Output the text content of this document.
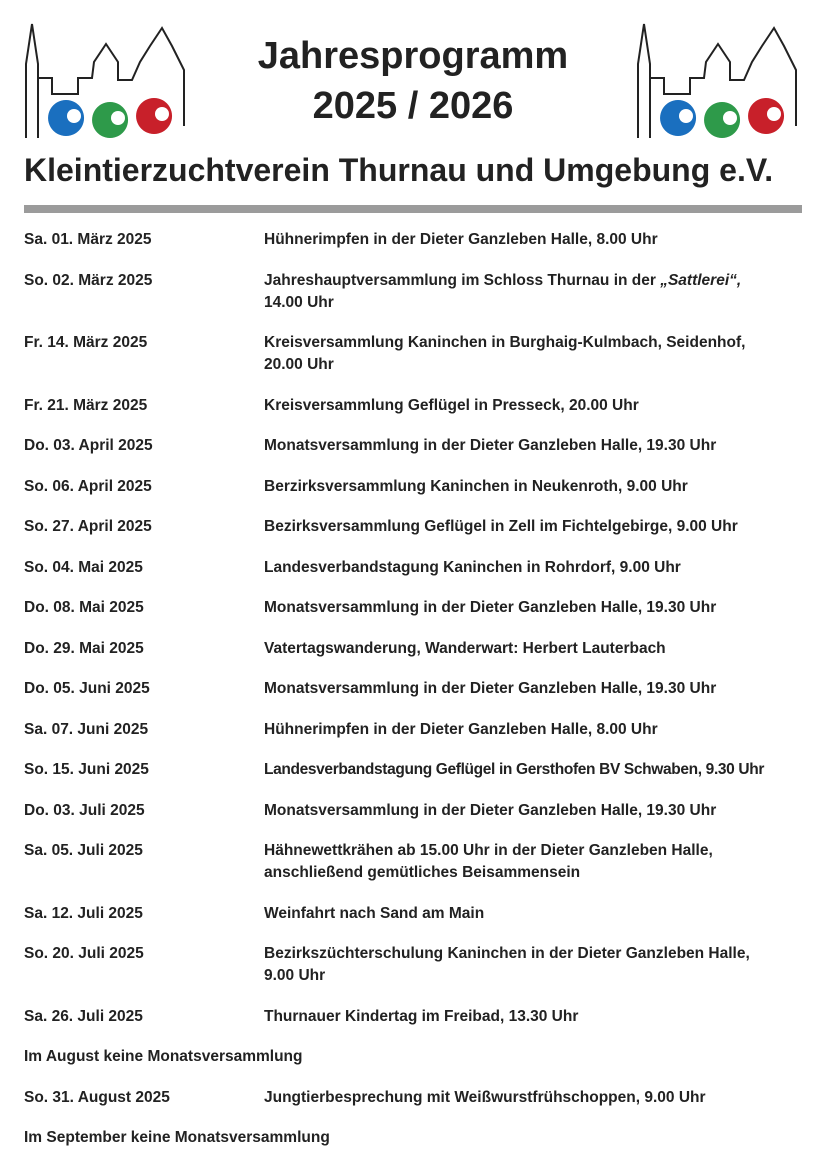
Jahresprogramm
2025 / 2026
Kleintierzuchtverein Thurnau und Umgebung e.V.
Sa. 01. März 2025	Hühnerimpfen in der Dieter Ganzleben Halle, 8.00 Uhr
So. 02. März 2025	Jahreshauptversammlung im Schloss Thurnau in der „Sattlerei“,
14.00 Uhr
Fr. 14. März 2025	Kreisversammlung Kaninchen in Burghaig-Kulmbach, Seidenhof,
20.00 Uhr
Fr. 21. März 2025	Kreisversammlung Geflügel in Presseck, 20.00 Uhr
Do. 03. April 2025	Monatsversammlung in der Dieter Ganzleben Halle, 19.30 Uhr
So. 06. April 2025	Berzirksversammlung Kaninchen in Neukenroth, 9.00 Uhr
So. 27. April 2025	Bezirksversammlung Geflügel in Zell im Fichtelgebirge, 9.00 Uhr
So. 04. Mai 2025	Landesverbandstagung Kaninchen in Rohrdorf, 9.00 Uhr
Do. 08. Mai 2025	Monatsversammlung in der Dieter Ganzleben Halle, 19.30 Uhr
Do. 29. Mai 2025	Vatertagswanderung, Wanderwart: Herbert Lauterbach
Do. 05. Juni 2025	Monatsversammlung in der Dieter Ganzleben Halle, 19.30 Uhr
Sa. 07. Juni 2025	Hühnerimpfen in der Dieter Ganzleben Halle, 8.00 Uhr
So. 15. Juni 2025	Landesverbandstagung Geflügel in Gersthofen BV Schwaben, 9.30 Uhr
Do. 03. Juli 2025	Monatsversammlung in der Dieter Ganzleben Halle, 19.30 Uhr
Sa. 05. Juli 2025	Hähnewettkrähen ab 15.00 Uhr in der Dieter Ganzleben Halle,
anschließend gemütliches Beisammensein
Sa. 12. Juli 2025	Weinfahrt nach Sand am Main
So. 20. Juli 2025	Bezirkszüchterschulung Kaninchen in der Dieter Ganzleben Halle,
9.00 Uhr
Sa. 26. Juli 2025	Thurnauer Kindertag im Freibad, 13.30 Uhr
Im August keine Monatsversammlung
So. 31. August 2025	Jungtierbesprechung mit Weißwurstfrühschoppen, 9.00 Uhr
Im September keine Monatsversammlung
